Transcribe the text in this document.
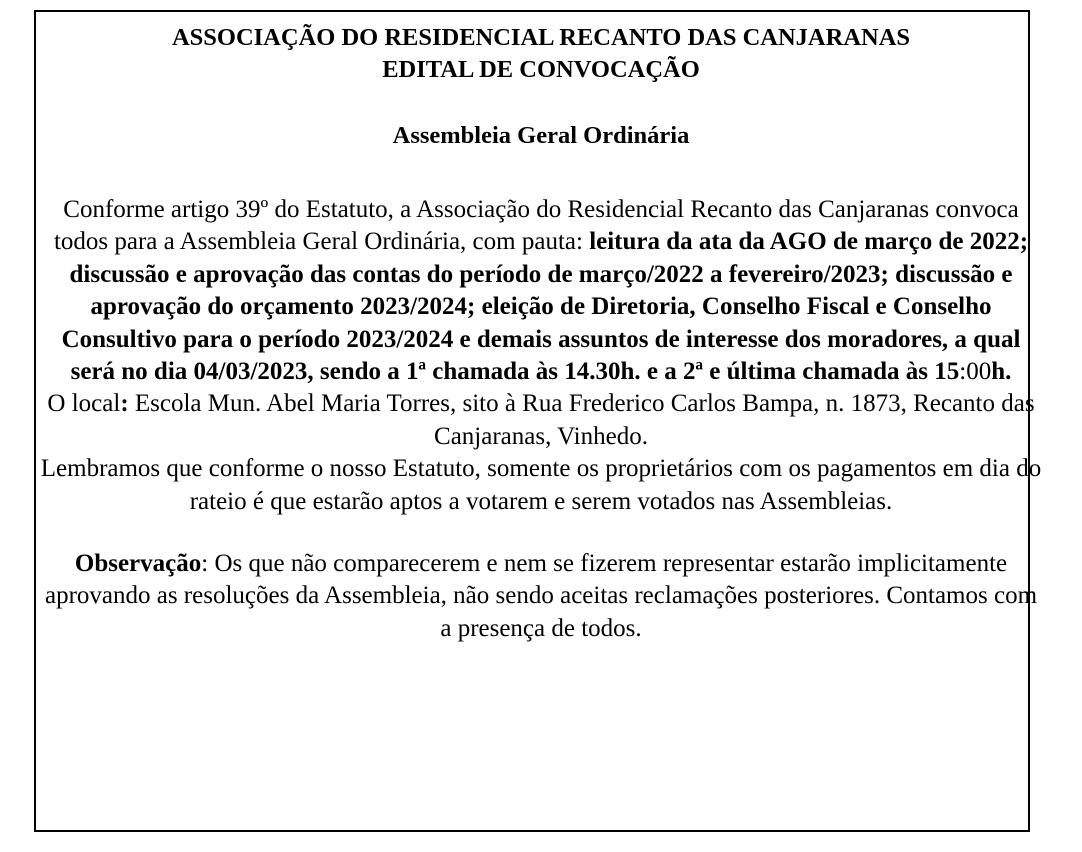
ASSOCIAÇÃO DO RESIDENCIAL RECANTO DAS CANJARANAS

EDITAL DE CONVOCAÇÃO

Assembleia Geral Ordinária

Conforme artigo 39º do Estatuto, a Associação do Residencial Recanto das Canjaranas convoca todos para a Assembleia Geral Ordinária, com pauta: leitura da ata da AGO de março de 2022; discussão e aprovação das contas do período de março/2022 a fevereiro/2023; discussão e aprovação do orçamento 2023/2024; eleição de Diretoria, Conselho Fiscal e Conselho Consultivo para o período 2023/2024 e demais assuntos de interesse dos moradores, a qual será no dia 04/03/2023, sendo a 1ª chamada às 14.30h. e a 2ª e última chamada às 15:00h.

O local: Escola Mun. Abel Maria Torres, sito à Rua Frederico Carlos Bampa, n. 1873, Recanto das Canjaranas, Vinhedo.

Lembramos que conforme o nosso Estatuto, somente os proprietários com os pagamentos em dia do rateio é que estarão aptos a votarem e serem votados nas Assembleias.

Observação: Os que não comparecerem e nem se fizerem representar estarão implicitamente aprovando as resoluções da Assembleia, não sendo aceitas reclamações posteriores. Contamos com a presença de todos.
